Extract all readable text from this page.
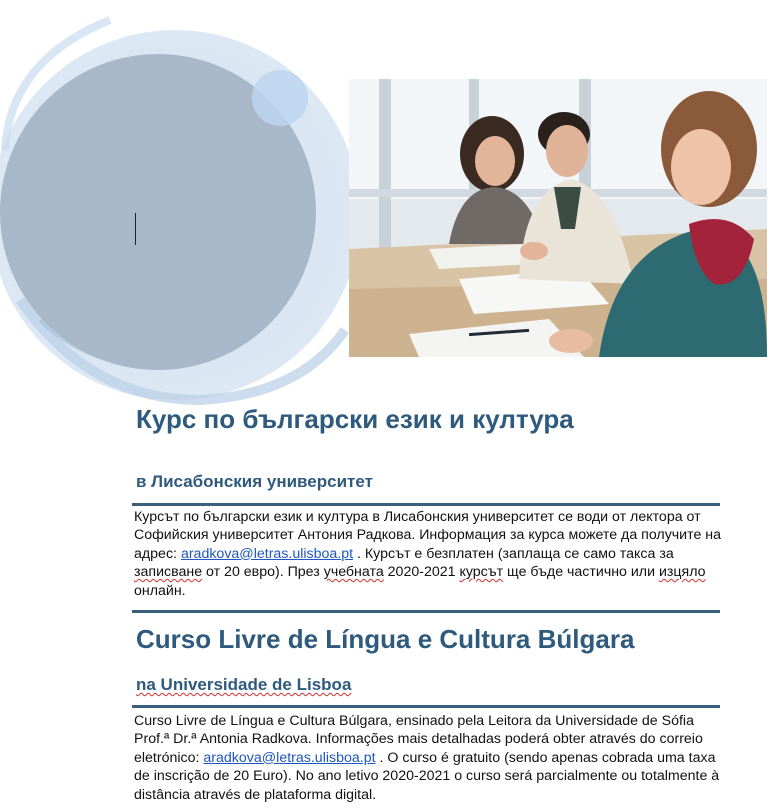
Курс по български език и култура
в Лисабонския университет
Курсът по български език и култура в Лисабонския университет се води от лектора от Софийския университет Антония Радкова. Информация за курса можете да получите на адрес: aradkova@letras.ulisboa.pt . Курсът е безплатен (заплаща се само такса за записване от 20 евро). През учебната 2020-2021 курсът ще бъде частично или изцяло онлайн.
Curso Livre de Língua e Cultura Búlgara
na Universidade de Lisboa
Curso Livre de Língua e Cultura Búlgara, ensinado pela Leitora da Universidade de Sófia Prof.ª Dr.ª Antonia Radkova. Informações mais detalhadas poderá obter através do correio eletrónico: aradkova@letras.ulisboa.pt . O curso é gratuito (sendo apenas cobrada uma taxa de inscrição de 20 Euro). No ano letivo 2020-2021 o curso será parcialmente ou totalmente à distância através de plataforma digital.
